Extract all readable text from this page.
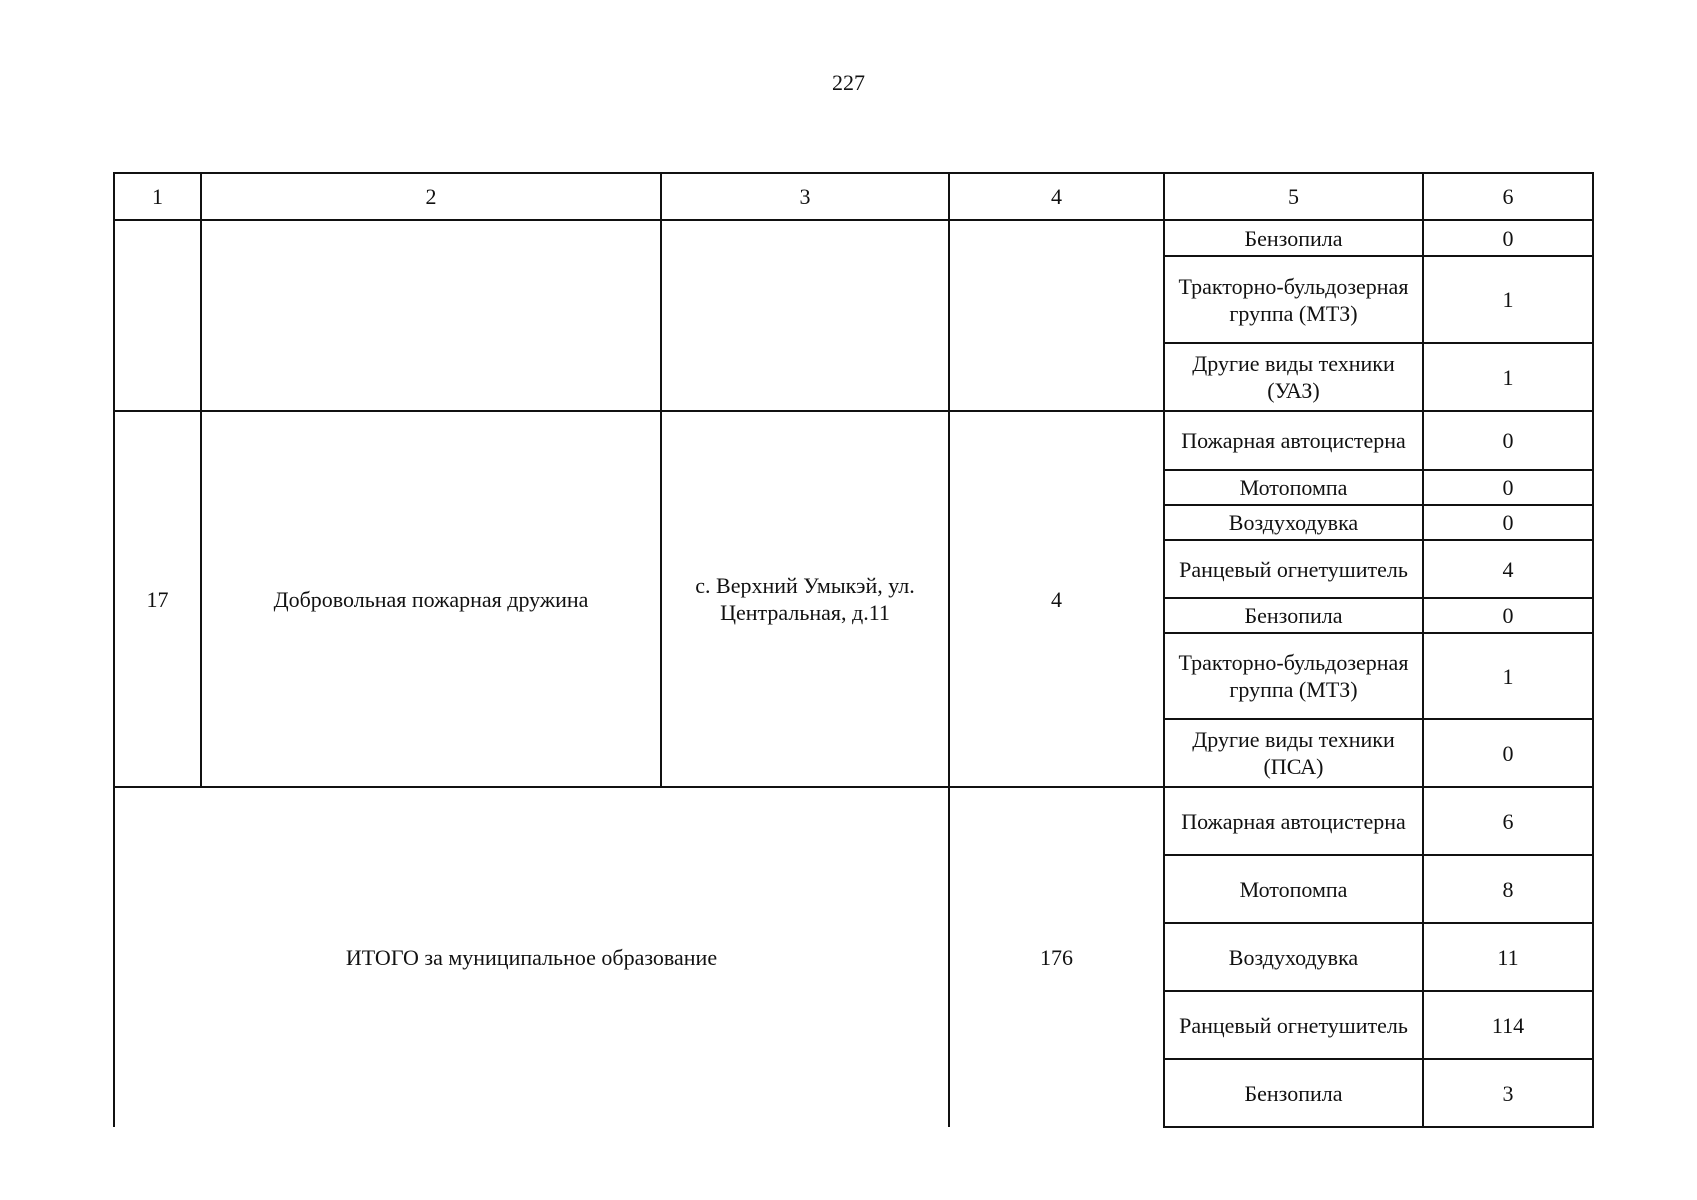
227
1	2	3	4	5	6
				Бензопила	0
				Тракторно-бульдозерная группа (МТЗ)	1
				Другие виды техники (УАЗ)	1
17	Добровольная пожарная дружина	с. Верхний Умыкэй, ул. Центральная, д.11	4	Пожарная автоцистерна	0
				Мотопомпа	0
				Воздуходувка	0
				Ранцевый огнетушитель	4
				Бензопила	0
				Тракторно-бульдозерная группа (МТЗ)	1
				Другие виды техники (ПСА)	0
ИТОГО за муниципальное образование			176	Пожарная автоцистерна	6
				Мотопомпа	8
				Воздуходувка	11
				Ранцевый огнетушитель	114
				Бензопила	3
